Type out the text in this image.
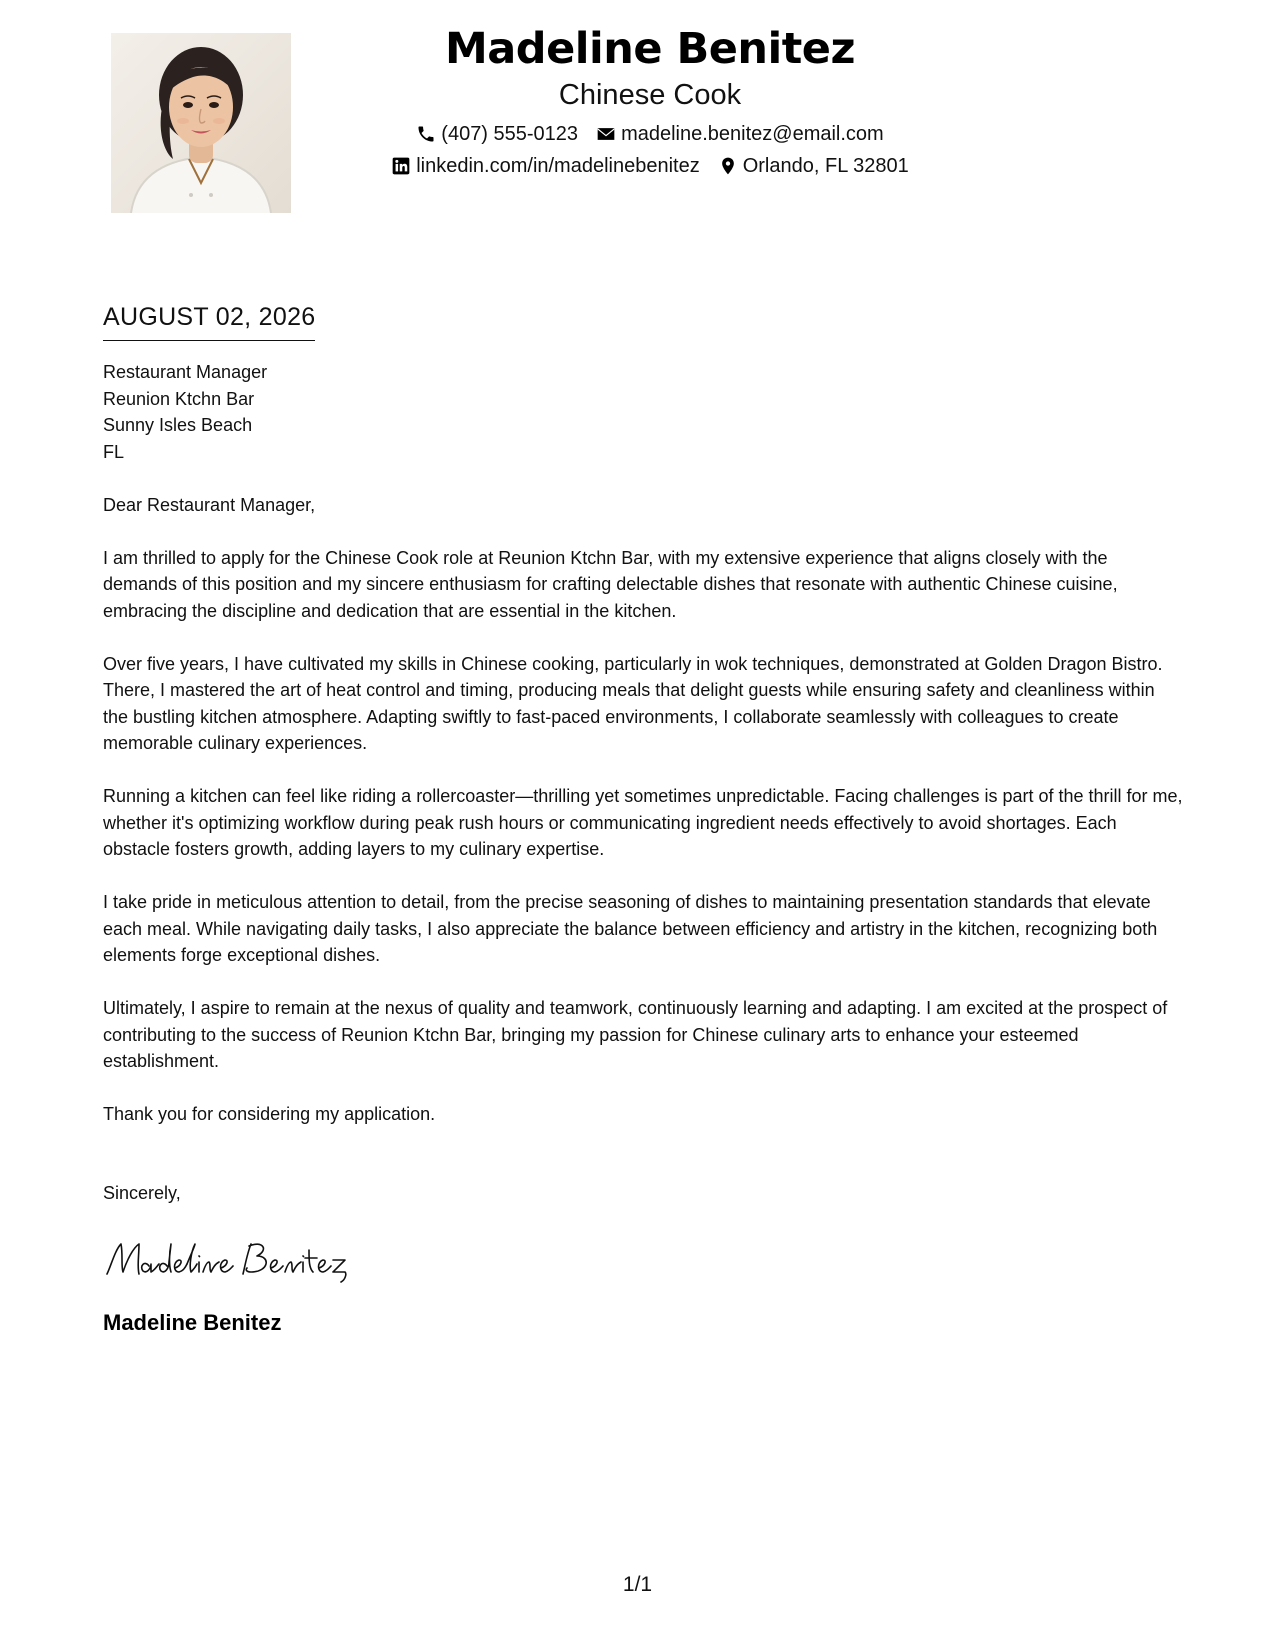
Madeline Benitez
Chinese Cook
(407) 555-0123 madeline.benitez@email.com
linkedin.com/in/madelinebenitez Orlando, FL 32801
AUGUST 02, 2026
Restaurant Manager
Reunion Ktchn Bar
Sunny Isles Beach
FL

Dear Restaurant Manager,

I am thrilled to apply for the Chinese Cook role at Reunion Ktchn Bar, with my extensive experience that aligns closely with the demands of this position and my sincere enthusiasm for crafting delectable dishes that resonate with authentic Chinese cuisine, embracing the discipline and dedication that are essential in the kitchen.

Over five years, I have cultivated my skills in Chinese cooking, particularly in wok techniques, demonstrated at Golden Dragon Bistro. There, I mastered the art of heat control and timing, producing meals that delight guests while ensuring safety and cleanliness within the bustling kitchen atmosphere. Adapting swiftly to fast-paced environments, I collaborate seamlessly with colleagues to create memorable culinary experiences.

Running a kitchen can feel like riding a rollercoaster—thrilling yet sometimes unpredictable. Facing challenges is part of the thrill for me, whether it's optimizing workflow during peak rush hours or communicating ingredient needs effectively to avoid shortages. Each obstacle fosters growth, adding layers to my culinary expertise.

I take pride in meticulous attention to detail, from the precise seasoning of dishes to maintaining presentation standards that elevate each meal. While navigating daily tasks, I also appreciate the balance between efficiency and artistry in the kitchen, recognizing both elements forge exceptional dishes.

Ultimately, I aspire to remain at the nexus of quality and teamwork, continuously learning and adapting. I am excited at the prospect of contributing to the success of Reunion Ktchn Bar, bringing my passion for Chinese culinary arts to enhance your esteemed establishment.

Thank you for considering my application.

Sincerely,

Madeline Benitez
1/1
